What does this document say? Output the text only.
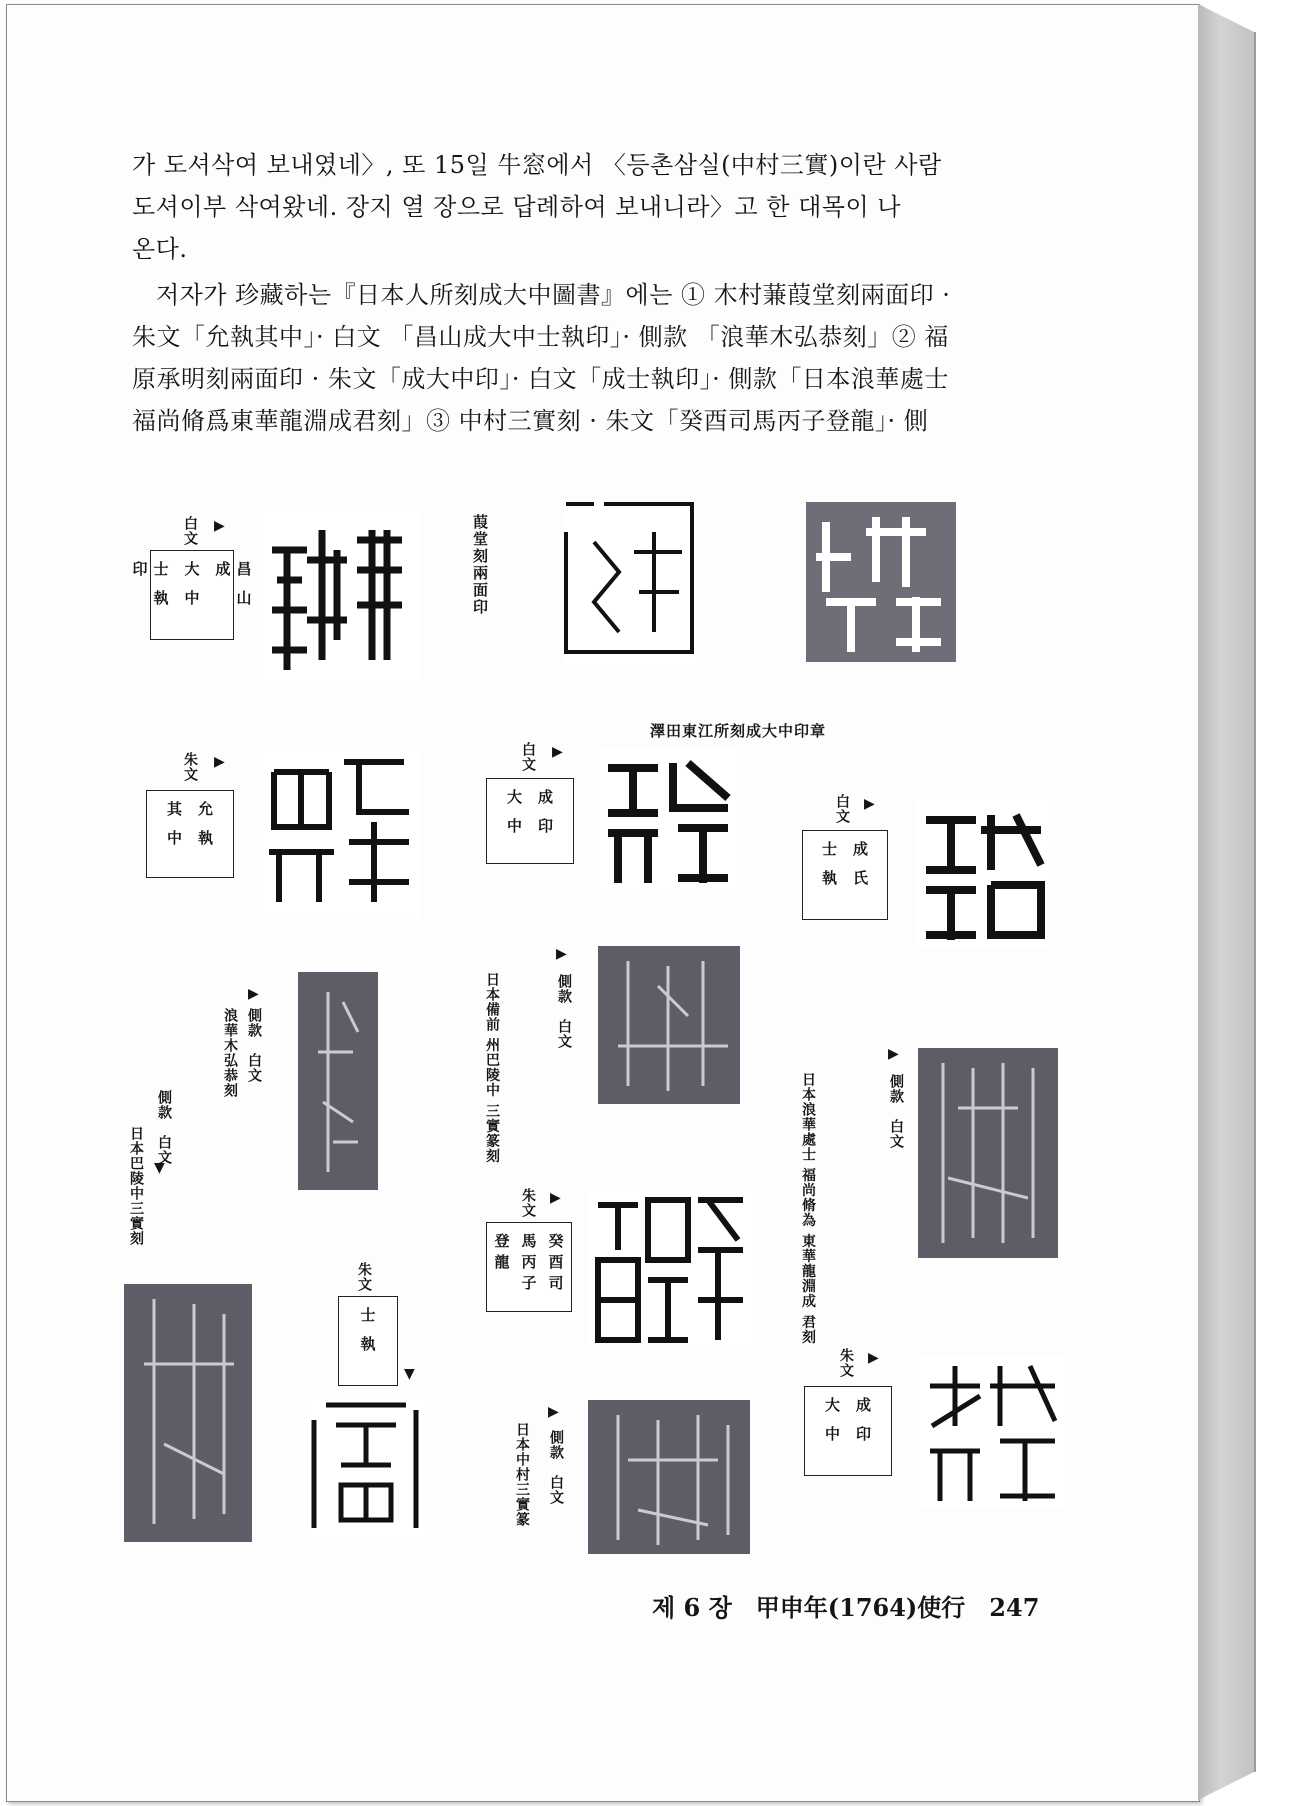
가 도셔삭여 보내였네〉, 또 15일 牛窓에서 〈등촌삼실(中村三實)이란 사람
도셔이부 삭여왔네. 장지 열 장으로 답례하여 보내니라〉고 한 대목이 나
온다.
저자가 珍藏하는『日本人所刻成大中圖書』에는 ① 木村蒹葭堂刻兩面印 ·
朱文「允執其中」· 白文 「昌山成大中士執印」· 側款 「浪華木弘恭刻」② 福
原承明刻兩面印 · 朱文「成大中印」· 白文「成士執印」· 側款「日本浪華處士
福尚脩爲東華龍淵成君刻」③ 中村三實刻 · 朱文「癸酉司馬丙子登龍」· 側
▶
白文
昌山成
大中
士執印	葭堂刻兩面印
澤田東江所刻成大中印章
▶
朱文
允執
其中
▶
白文
成印
大中	▶
白文
成氏
士執
▶
側款　白文
浪華木弘恭刻
▶
側款　白文
日本備前 州巴陵中 三實篆刻	▶
側款　白文
日本浪華處士 福尚脩為 東華龍淵成 君刻
▼
側款　白文
日本巴陵中三實刻	▶
朱文
癸酉司
馬丙子
登龍
朱文
士執
▼
▶
側款　白文
日本中村三實篆
▶
朱文
成印
大中
제 6 장　甲申年(1764)使行 247
